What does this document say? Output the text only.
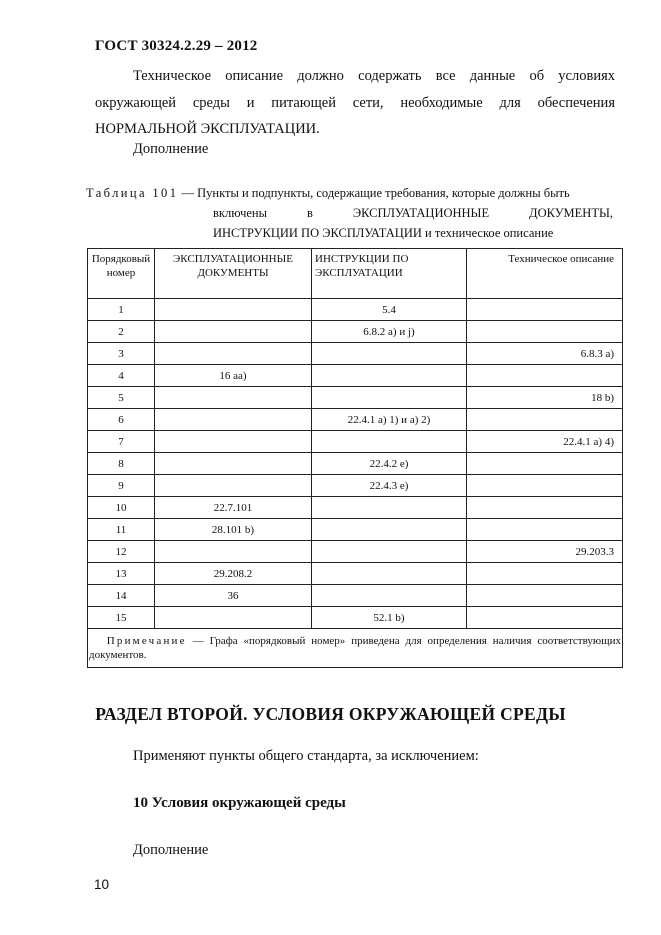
ГОСТ 30324.2.29 – 2012
Техническое описание должно содержать все данные об условиях окружающей среды и питающей сети, необходимые для обеспечения НОРМАЛЬНОЙ ЭКСПЛУАТАЦИИ.
Дополнение
Таблица 101 — Пункты и подпункты, содержащие требования, которые должны быть
включены в ЭКСПЛУАТАЦИОННЫЕ ДОКУМЕНТЫ,
ИНСТРУКЦИИ ПО ЭКСПЛУАТАЦИИ и техническое описание
Порядковый номер	ЭКСПЛУАТАЦИОННЫЕ ДОКУМЕНТЫ	ИНСТРУКЦИИ ПО ЭКСПЛУАТАЦИИ	Техническое описание
1		5.4	
2		6.8.2 a) и j)	
3			6.8.3 a)
4	16 aa)		
5			18 b)
6		22.4.1 a) 1) и a) 2)	
7			22.4.1 a) 4)
8		22.4.2 e)	
9		22.4.3 e)	
10	22.7.101		
11	28.101 b)		
12			29.203.3
13	29.208.2		
14	36		
15		52.1 b)	
Примечание — Графа «порядковый номер» приведена для определения наличия соответствующих документов.			
РАЗДЕЛ ВТОРОЙ. УСЛОВИЯ ОКРУЖАЮЩЕЙ СРЕДЫ
Применяют пункты общего стандарта, за исключением:
10 Условия окружающей среды
Дополнение
10
